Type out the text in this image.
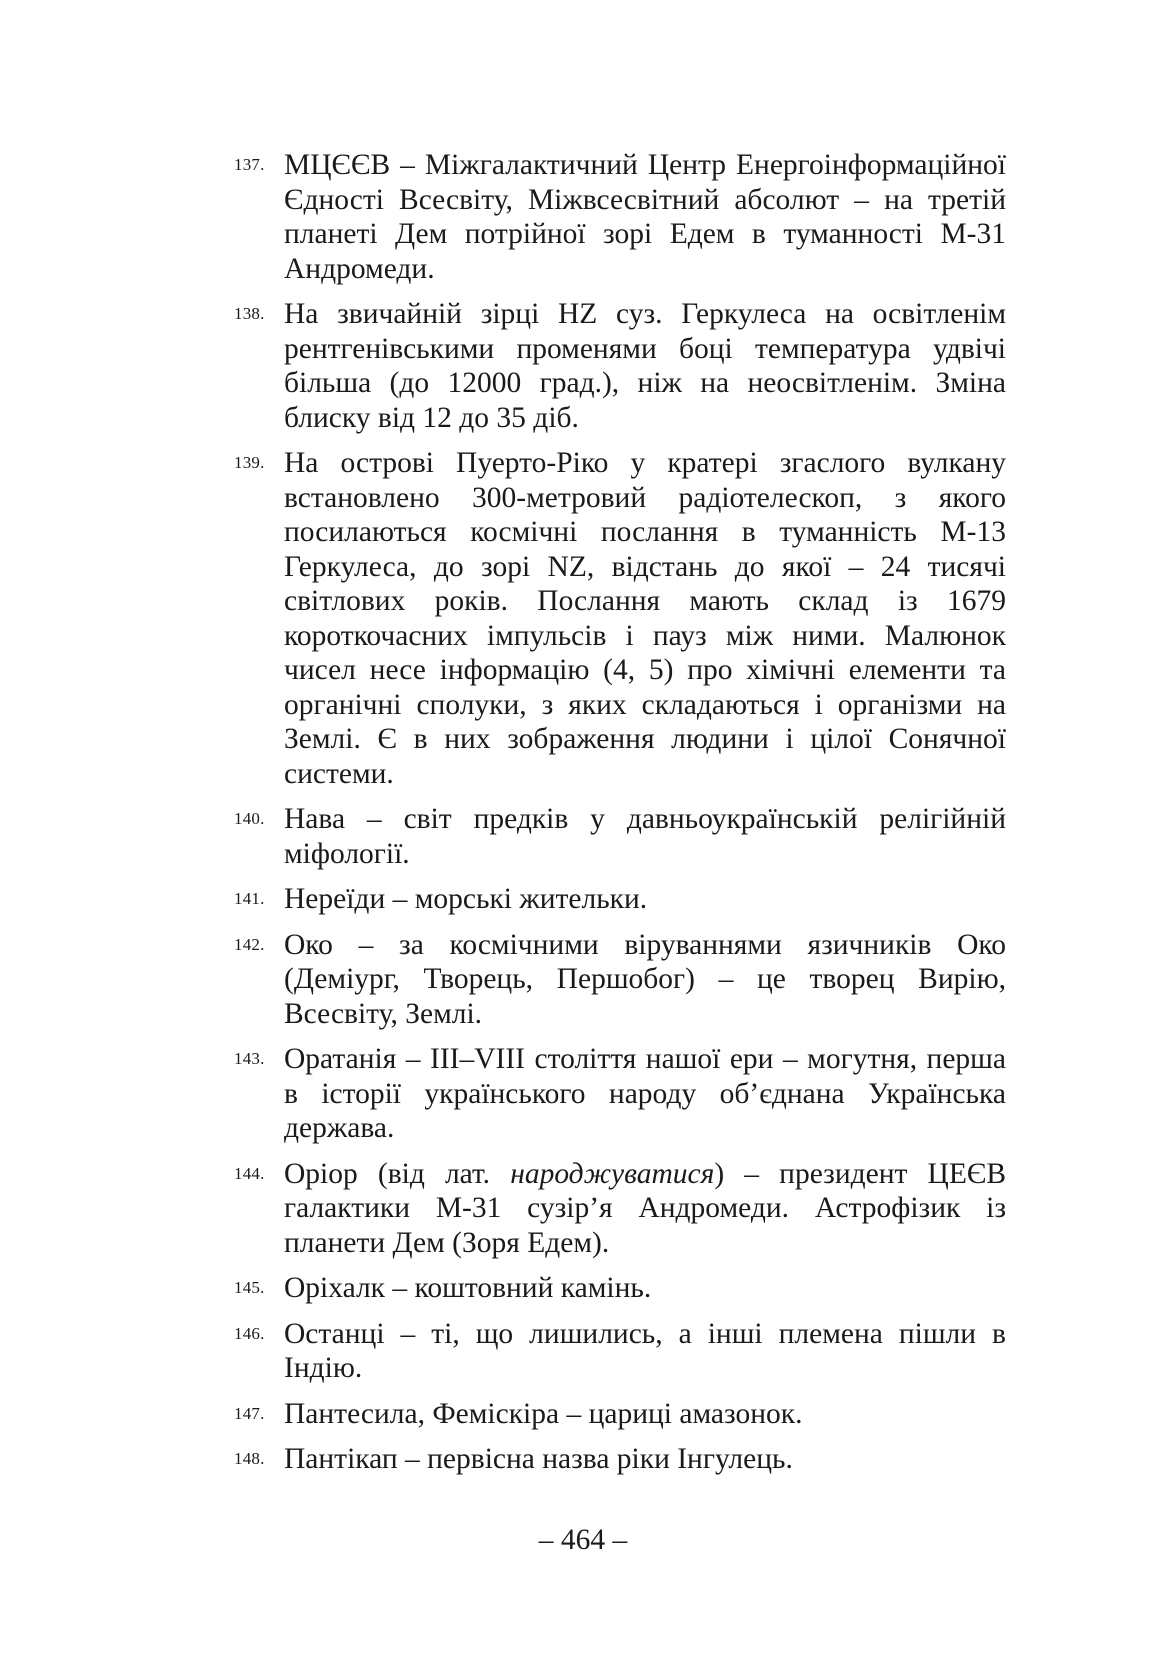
137. МЦЄЄВ – Міжгалактичний Центр Енергоінформаційної Єдності Всесвіту, Міжвсесвітний абсолют – на третій планеті Дем потрійної зорі Едем в туманності М-31 Андромеди.
138. На звичайній зірці HZ суз. Геркулеса на освітленім рентгенівськими променями боці температура удвічі більша (до 12000 град.), ніж на неосвітленім. Зміна блиску від 12 до 35 діб.
139. На острові Пуерто-Ріко у кратері згаслого вулкану встановлено 300-метровий радіотелескоп, з якого посилаються космічні послання в туманність М-13 Геркулеса, до зорі NZ, відстань до якої – 24 тисячі світлових років. Послання мають склад із 1679 короткочасних імпульсів і пауз між ними. Малюнок чисел несе інформацію (4, 5) про хімічні елементи та органічні сполуки, з яких складаються і організми на Землі. Є в них зображення людини і цілої Сонячної системи.
140. Нава – світ предків у давньоукраїнській релігійній міфології.
141. Нереїди – морські жительки.
142. Око – за космічними віруваннями язичників Око (Деміург, Творець, Першобог) – це творец Вирію, Всесвіту, Землі.
143. Оратанія – III–VIII століття нашої ери – могутня, перша в історії українського народу об’єднана Українська держава.
144. Оріор (від лат. народжуватися) – президент ЦЕЄВ галактики М-31 сузір’я Андромеди. Астрофізик із планети Дем (Зоря Едем).
145. Оріхалк – коштовний камінь.
146. Останці – ті, що лишились, а інші племена пішли в Індію.
147. Пантесила, Феміскіра – цариці амазонок.
148. Пантікап – первісна назва ріки Інгулець.
– 464 –
